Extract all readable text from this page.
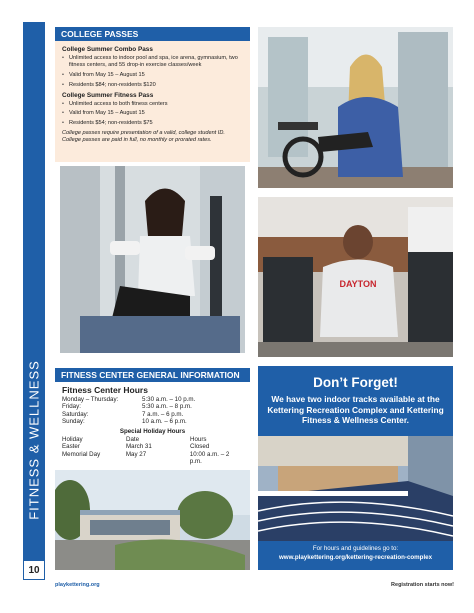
FITNESS & WELLNESS
10
COLLEGE PASSES
College Summer Combo Pass
• Unlimited access to indoor pool and spa, ice arena, gymnasium, two fitness centers, and 55 drop-in exercise classes/week
• Valid from May 15 – August 15
• Residents $84; non-residents $120
College Summer Fitness Pass
• Unlimited access to both fitness centers
• Valid from May 15 – August 15
• Residents $54; non-residents $75
College passes require presentation of a valid, college student ID. College passes are paid in full, no monthly or prorated rates.
DAYTON
FITNESS CENTER GENERAL INFORMATION
Fitness Center Hours
Monday – Thursday:	5:30 a.m. – 10 p.m.
Friday:	5:30 a.m. – 8 p.m.
Saturday:	7 a.m. – 6 p.m.
Sunday:	10 a.m. – 6 p.m.
Special Holiday Hours
Holiday	Date	Hours
Easter	March 31	Closed
Memorial Day	May 27	10:00 a.m. – 2 p.m.
Don’t Forget!

We have two indoor tracks available at the Kettering Recreation Complex and Kettering Fitness & Wellness Center.

For hours and guidelines go to:
www.playkettering.org/kettering-recreation-complex
playkettering.org	Registration starts now!
